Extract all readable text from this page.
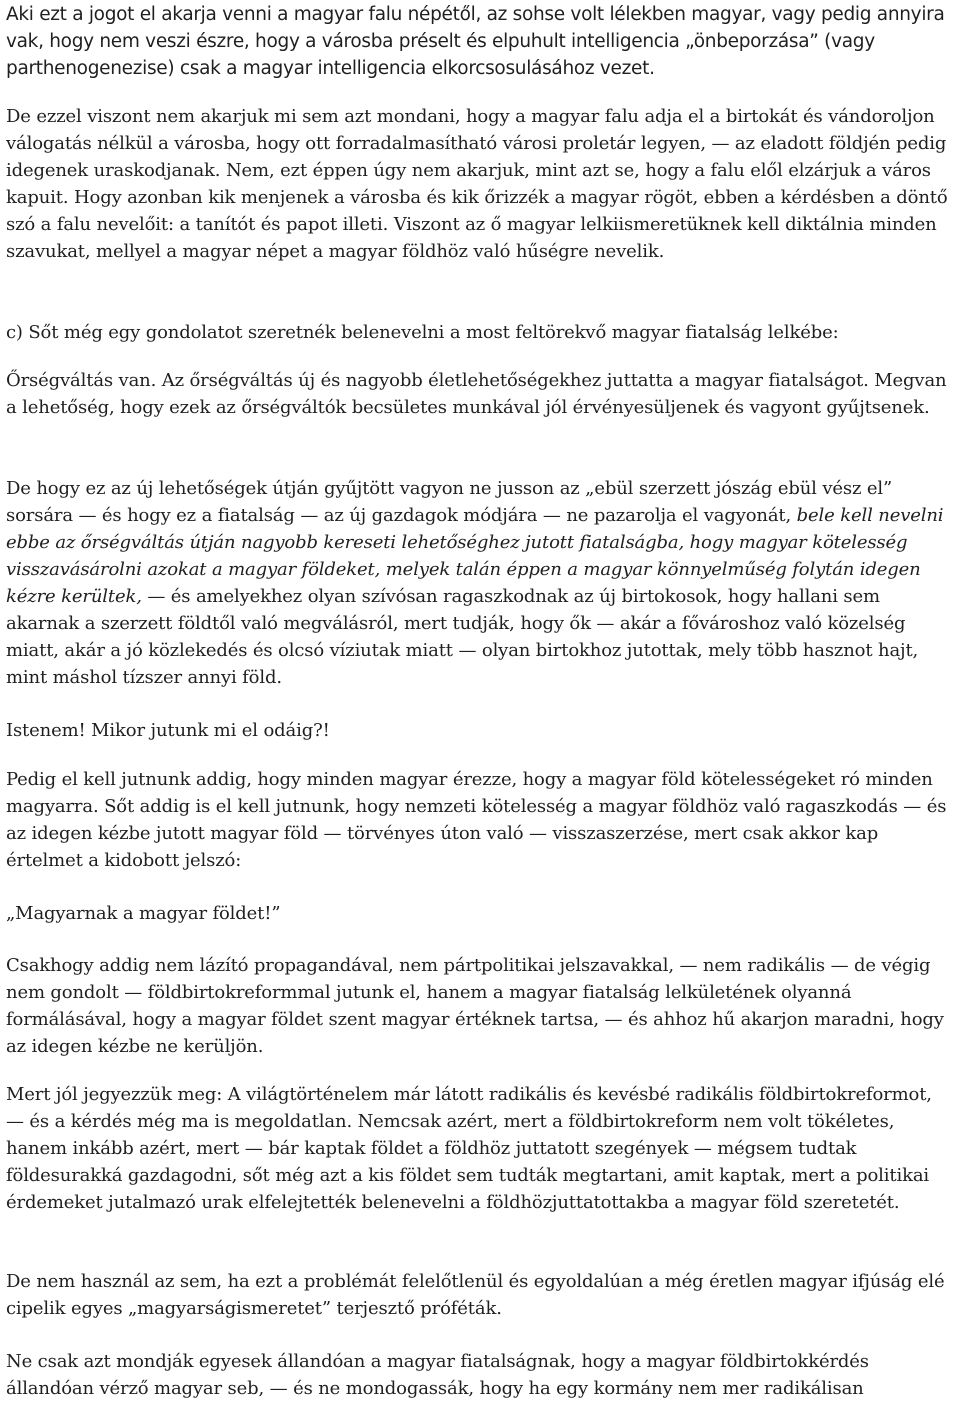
Aki ezt a jogot el akarja venni a magyar falu népétől, az sohse volt lélekben magyar, vagy pedig annyira vak, hogy nem veszi észre, hogy a városba préselt és elpuhult intelligencia „önbeporzása” (vagy parthenogenezise) csak a magyar intelligencia elkorcsosulásához vezet.

De ezzel viszont nem akarjuk mi sem azt mondani, hogy a magyar falu adja el a birtokát és vándoroljon válogatás nélkül a városba, hogy ott forradalmasítható városi proletár legyen, — az eladott földjén pedig idegenek uraskodjanak. Nem, ezt éppen úgy nem akarjuk, mint azt se, hogy a falu elől elzárjuk a város kapuit. Hogy azonban kik menjenek a városba és kik őrizzék a magyar rögöt, ebben a kérdésben a döntő szó a falu nevelőit: a tanítót és papot illeti. Viszont az ő magyar lelkiismeretüknek kell diktálnia minden szavukat, mellyel a magyar népet a magyar földhöz való hűségre nevelik.

c) Sőt még egy gondolatot szeretnék belenevelni a most feltörekvő magyar fiatalság lelkébe:

Őrségváltás van. Az őrségváltás új és nagyobb életlehetőségekhez juttatta a magyar fiatalságot. Megvan a lehetőség, hogy ezek az őrségváltók becsületes munkával jól érvényesüljenek és vagyont gyűjtsenek.

De hogy ez az új lehetőségek útján gyűjtött vagyon ne jusson az „ebül szerzett jószág ebül vész el” sorsára — és hogy ez a fiatalság — az új gazdagok módjára — ne pazarolja el vagyonát, bele kell nevelni ebbe az őrségváltás útján nagyobb kereseti lehetőséghez jutott fiatalságba, hogy magyar kötelesség visszavásárolni azokat a magyar földeket, melyek talán éppen a magyar könnyelműség folytán idegen kézre kerültek, — és amelyekhez olyan szívósan ragaszkodnak az új birtokosok, hogy hallani sem akarnak a szerzett földtől való megválásról, mert tudják, hogy ők — akár a fővároshoz való közelség miatt, akár a jó közlekedés és olcsó víziutak miatt — olyan birtokhoz jutottak, mely több hasznot hajt, mint máshol tízszer annyi föld.

Istenem! Mikor jutunk mi el odáig?!

Pedig el kell jutnunk addig, hogy minden magyar érezze, hogy a magyar föld kötelességeket ró minden magyarra. Sőt addig is el kell jutnunk, hogy nemzeti kötelesség a magyar földhöz való ragaszkodás — és az idegen kézbe jutott magyar föld — törvényes úton való — visszaszerzése, mert csak akkor kap értelmet a kidobott jelszó:

„Magyarnak a magyar földet!”

Csakhogy addig nem lázító propagandával, nem pártpolitikai jelszavakkal, — nem radikális — de végig nem gondolt — földbirtokreformmal jutunk el, hanem a magyar fiatalság lelkületének olyanná formálásával, hogy a magyar földet szent magyar értéknek tartsa, — és ahhoz hű akarjon maradni, hogy az idegen kézbe ne kerüljön.

Mert jól jegyezzük meg: A világtörténelem már látott radikális és kevésbé radikális földbirtokreformot, — és a kérdés még ma is megoldatlan. Nemcsak azért, mert a földbirtokreform nem volt tökéletes, hanem inkább azért, mert — bár kaptak földet a földhöz juttatott szegények — mégsem tudtak földesurakká gazdagodni, sőt még azt a kis földet sem tudták megtartani, amit kaptak, mert a politikai érdemeket jutalmazó urak elfelejtették belenevelni a földhözjuttatottakba a magyar föld szeretetét.

De nem használ az sem, ha ezt a problémát felelőtlenül és egyoldalúan a még éretlen magyar ifjúság elé cipelik egyes „magyarságismeretet” terjesztő próféták.

Ne csak azt mondják egyesek állandóan a magyar fiatalságnak, hogy a magyar földbirtokkérdés állandóan vérző magyar seb, — és ne mondogassák, hogy ha egy kormány nem mer radikálisan
